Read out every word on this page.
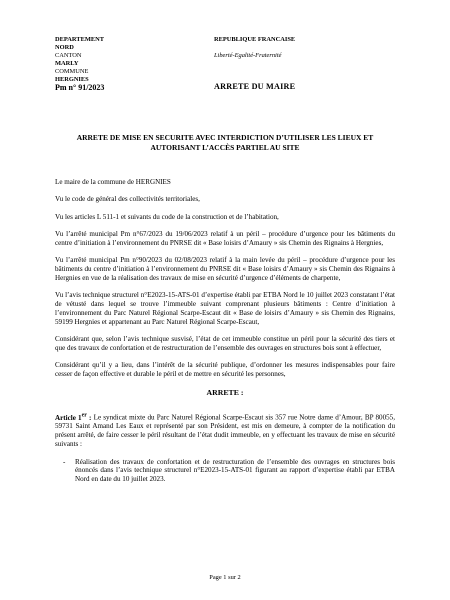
DEPARTEMENT
NORD
CANTON
MARLY
COMMUNE
HERGNIES
Pm n° 91/2023
REPUBLIQUE FRANCAISE
Liberté-Egalité-Fraternité
ARRETE DU MAIRE
ARRETE DE MISE EN SECURITE AVEC INTERDICTION D’UTILISER LES LIEUX ET AUTORISANT L’ACCÈS PARTIEL AU SITE

Le maire de la commune de HERGNIES

Vu le code de général des collectivités territoriales,

Vu les articles L 511-1 et suivants du code de la construction et de l’habitation,

Vu l’arrêté municipal Pm n°67/2023 du 19/06/2023 relatif à un péril – procédure d’urgence pour les bâtiments du centre d’initiation à l’environnement du PNRSE dit « Base loisirs d’Amaury » sis Chemin des Rignains à Hergnies,

Vu l’arrêté municipal Pm n°90/2023 du 02/08/2023 relatif à la main levée du péril – procédure d’urgence pour les bâtiments du centre d’initiation à l’environnement du PNRSE dit « Base loisirs d’Amaury » sis Chemin des Rignains à Hergnies en vue de la réalisation des travaux de mise en sécurité d’urgence d’éléments de charpente,

Vu l’avis technique structurel n°E2023-15-ATS-01 d’expertise établi par ETBA Nord le 10 juillet 2023 constatant l’état de vétusté dans lequel se trouve l’immeuble suivant comprenant plusieurs bâtiments : Centre d’initiation à l’environnement du Parc Naturel Régional Scarpe-Escaut dit « Base de loisirs d’Amaury » sis Chemin des Rignains, 59199 Hergnies et appartenant au Parc Naturel Régional Scarpe-Escaut,

Considérant que, selon l’avis technique susvisé, l’état de cet immeuble constitue un péril pour la sécurité des tiers et que des travaux de confortation et de restructuration de l’ensemble des ouvrages en structures bois sont à effectuer,

Considérant qu’il y a lieu, dans l’intérêt de la sécurité publique, d’ordonner les mesures indispensables pour faire cesser de façon effective et durable le péril et de mettre en sécurité les personnes,

ARRETE :

Article 1er : Le syndicat mixte du Parc Naturel Régional Scarpe-Escaut sis 357 rue Notre dame d’Amour, BP 80055, 59731 Saint Amand Les Eaux et représenté par son Président, est mis en demeure, à compter de la notification du présent arrêté, de faire cesser le péril résultant de l’état dudit immeuble, en y effectuant les travaux de mise en sécurité suivants :

- Réalisation des travaux de confortation et de restructuration de l’ensemble des ouvrages en structures bois énoncés dans l’avis technique structurel n°E2023-15-ATS-01 figurant au rapport d’expertise établi par ETBA Nord en date du 10 juillet 2023.
Page 1 sur 2
